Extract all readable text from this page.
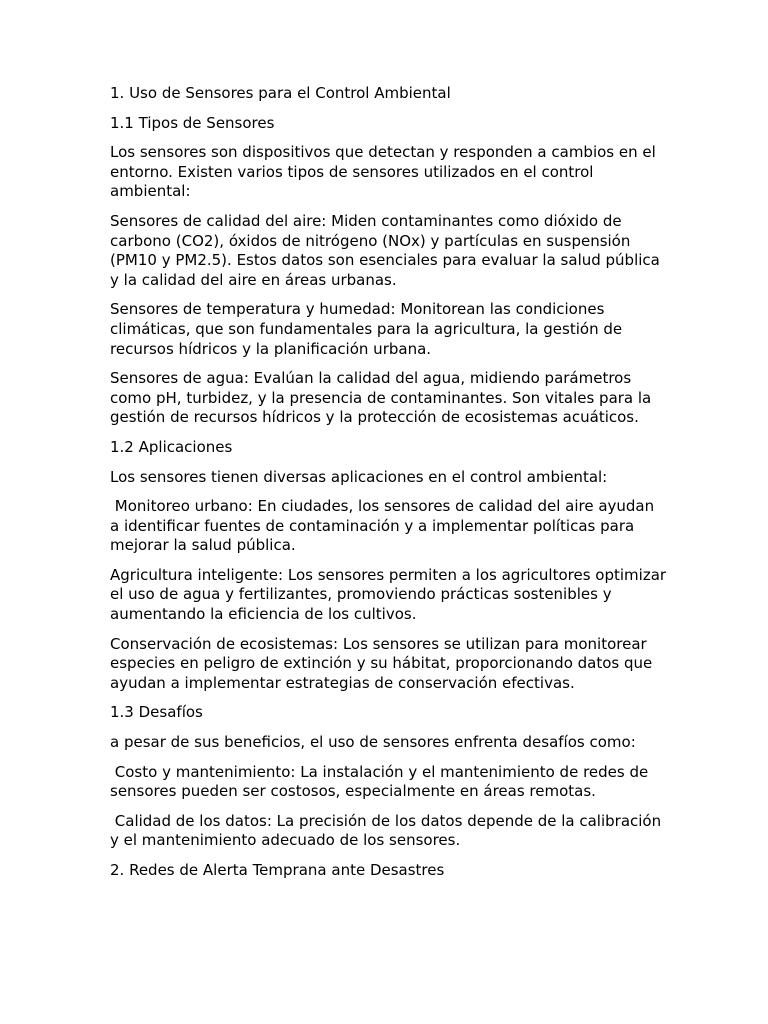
1. Uso de Sensores para el Control Ambiental

1.1 Tipos de Sensores

Los sensores son dispositivos que detectan y responden a cambios en el entorno. Existen varios tipos de sensores utilizados en el control ambiental:

Sensores de calidad del aire: Miden contaminantes como dióxido de carbono (CO2), óxidos de nitrógeno (NOx) y partículas en suspensión (PM10 y PM2.5). Estos datos son esenciales para evaluar la salud pública y la calidad del aire en áreas urbanas.

Sensores de temperatura y humedad: Monitorean las condiciones climáticas, que son fundamentales para la agricultura, la gestión de recursos hídricos y la planificación urbana.

Sensores de agua: Evalúan la calidad del agua, midiendo parámetros como pH, turbidez, y la presencia de contaminantes. Son vitales para la gestión de recursos hídricos y la protección de ecosistemas acuáticos.

1.2 Aplicaciones

Los sensores tienen diversas aplicaciones en el control ambiental:

Monitoreo urbano: En ciudades, los sensores de calidad del aire ayudan a identificar fuentes de contaminación y a implementar políticas para mejorar la salud pública.

Agricultura inteligente: Los sensores permiten a los agricultores optimizar el uso de agua y fertilizantes, promoviendo prácticas sostenibles y aumentando la eficiencia de los cultivos.

Conservación de ecosistemas: Los sensores se utilizan para monitorear especies en peligro de extinción y su hábitat, proporcionando datos que ayudan a implementar estrategias de conservación efectivas.

1.3 Desafíos

a pesar de sus beneficios, el uso de sensores enfrenta desafíos como:

Costo y mantenimiento: La instalación y el mantenimiento de redes de sensores pueden ser costosos, especialmente en áreas remotas.

Calidad de los datos: La precisión de los datos depende de la calibración y el mantenimiento adecuado de los sensores.

2. Redes de Alerta Temprana ante Desastres
